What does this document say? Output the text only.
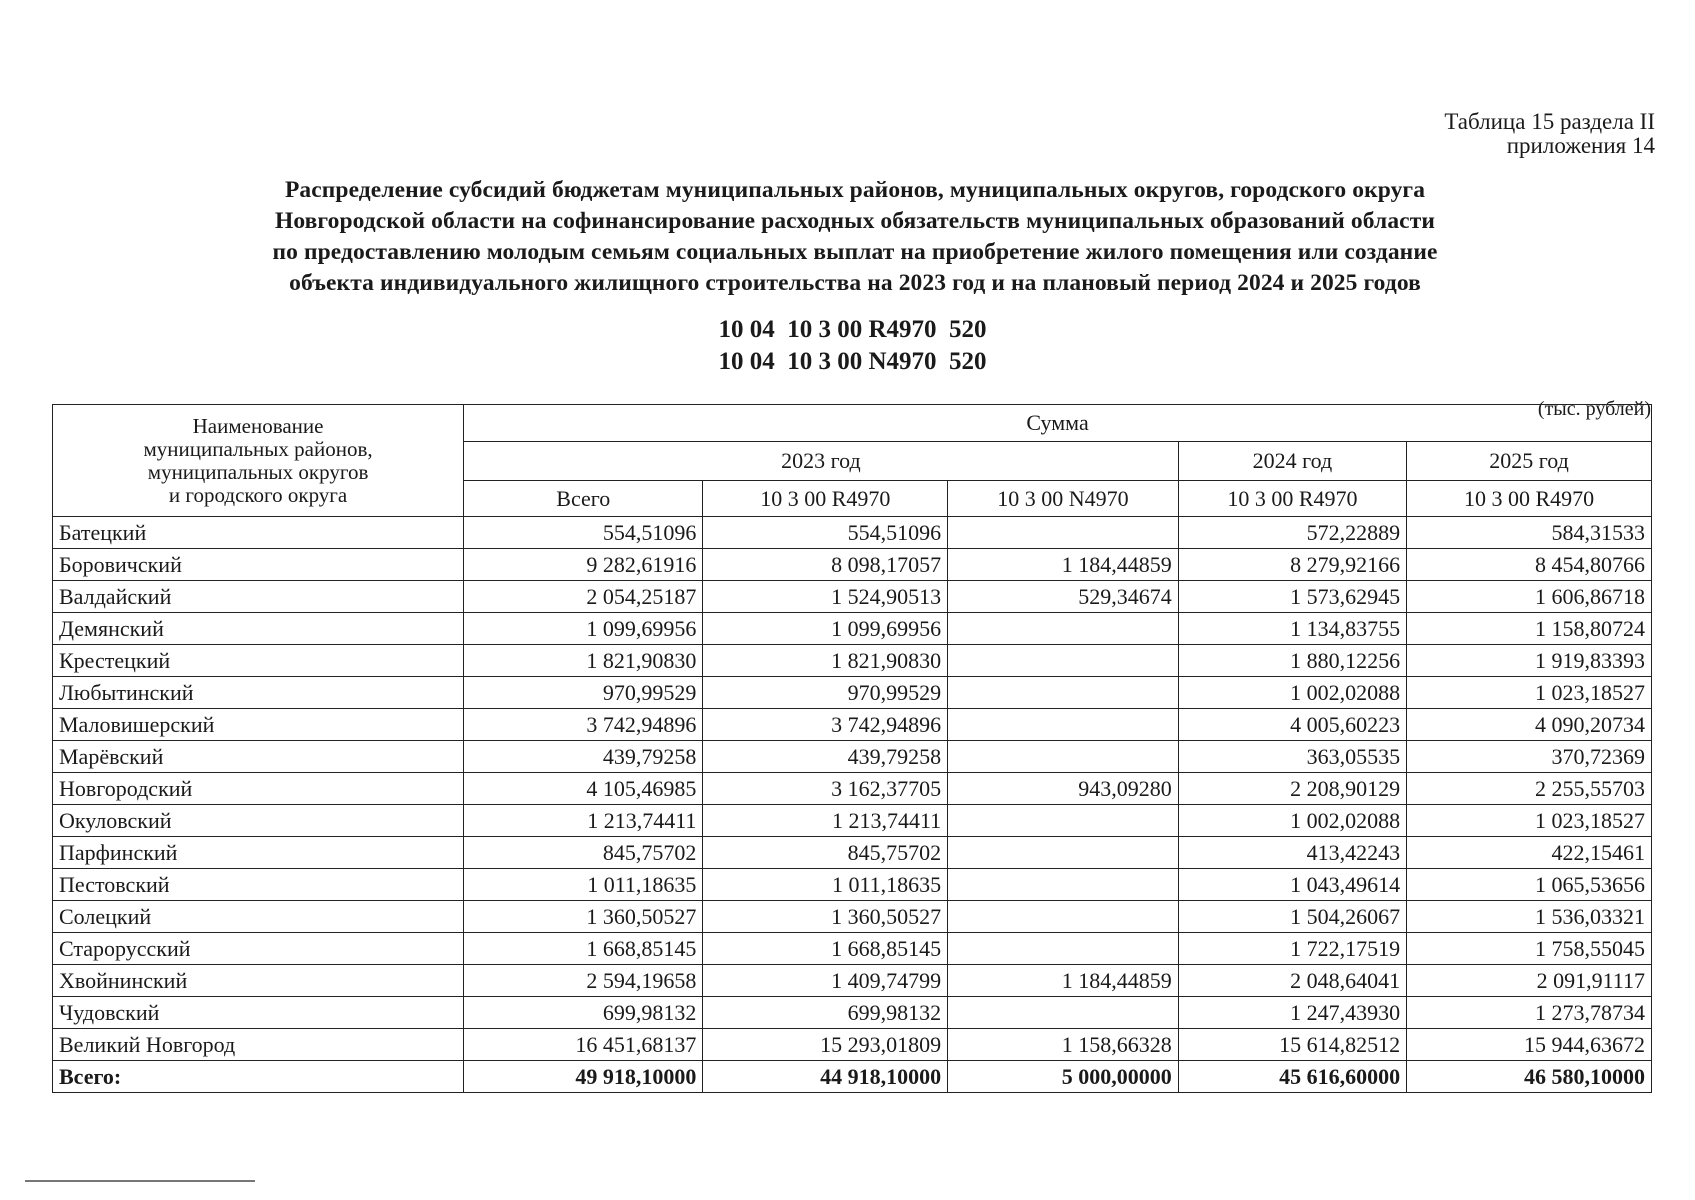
Таблица 15 раздела II
приложения 14
Распределение субсидий бюджетам муниципальных районов, муниципальных округов, городского округа
Новгородской области на софинансирование расходных обязательств муниципальных образований области
по предоставлению молодым семьям социальных выплат на приобретение жилого помещения или создание
объекта индивидуального жилищного строительства на 2023 год и на плановый период 2024 и 2025 годов
10 04  10 3 00 R4970  520
10 04  10 3 00 N4970  520
(тыс. рублей)
Наименование
муниципальных районов,
муниципальных округов
и городского округа	Сумма				
	2023 год			2024 год	2025 год
	Всего	10 3 00 R4970	10 3 00 N4970	10 3 00 R4970	10 3 00 R4970
Батецкий	554,51096	554,51096		572,22889	584,31533
Боровичский	9 282,61916	8 098,17057	1 184,44859	8 279,92166	8 454,80766
Валдайский	2 054,25187	1 524,90513	529,34674	1 573,62945	1 606,86718
Демянский	1 099,69956	1 099,69956		1 134,83755	1 158,80724
Крестецкий	1 821,90830	1 821,90830		1 880,12256	1 919,83393
Любытинский	970,99529	970,99529		1 002,02088	1 023,18527
Маловишерский	3 742,94896	3 742,94896		4 005,60223	4 090,20734
Марёвский	439,79258	439,79258		363,05535	370,72369
Новгородский	4 105,46985	3 162,37705	943,09280	2 208,90129	2 255,55703
Окуловский	1 213,74411	1 213,74411		1 002,02088	1 023,18527
Парфинский	845,75702	845,75702		413,42243	422,15461
Пестовский	1 011,18635	1 011,18635		1 043,49614	1 065,53656
Солецкий	1 360,50527	1 360,50527		1 504,26067	1 536,03321
Старорусский	1 668,85145	1 668,85145		1 722,17519	1 758,55045
Хвойнинский	2 594,19658	1 409,74799	1 184,44859	2 048,64041	2 091,91117
Чудовский	699,98132	699,98132		1 247,43930	1 273,78734
Великий Новгород	16 451,68137	15 293,01809	1 158,66328	15 614,82512	15 944,63672
Всего:	49 918,10000	44 918,10000	5 000,00000	45 616,60000	46 580,10000
